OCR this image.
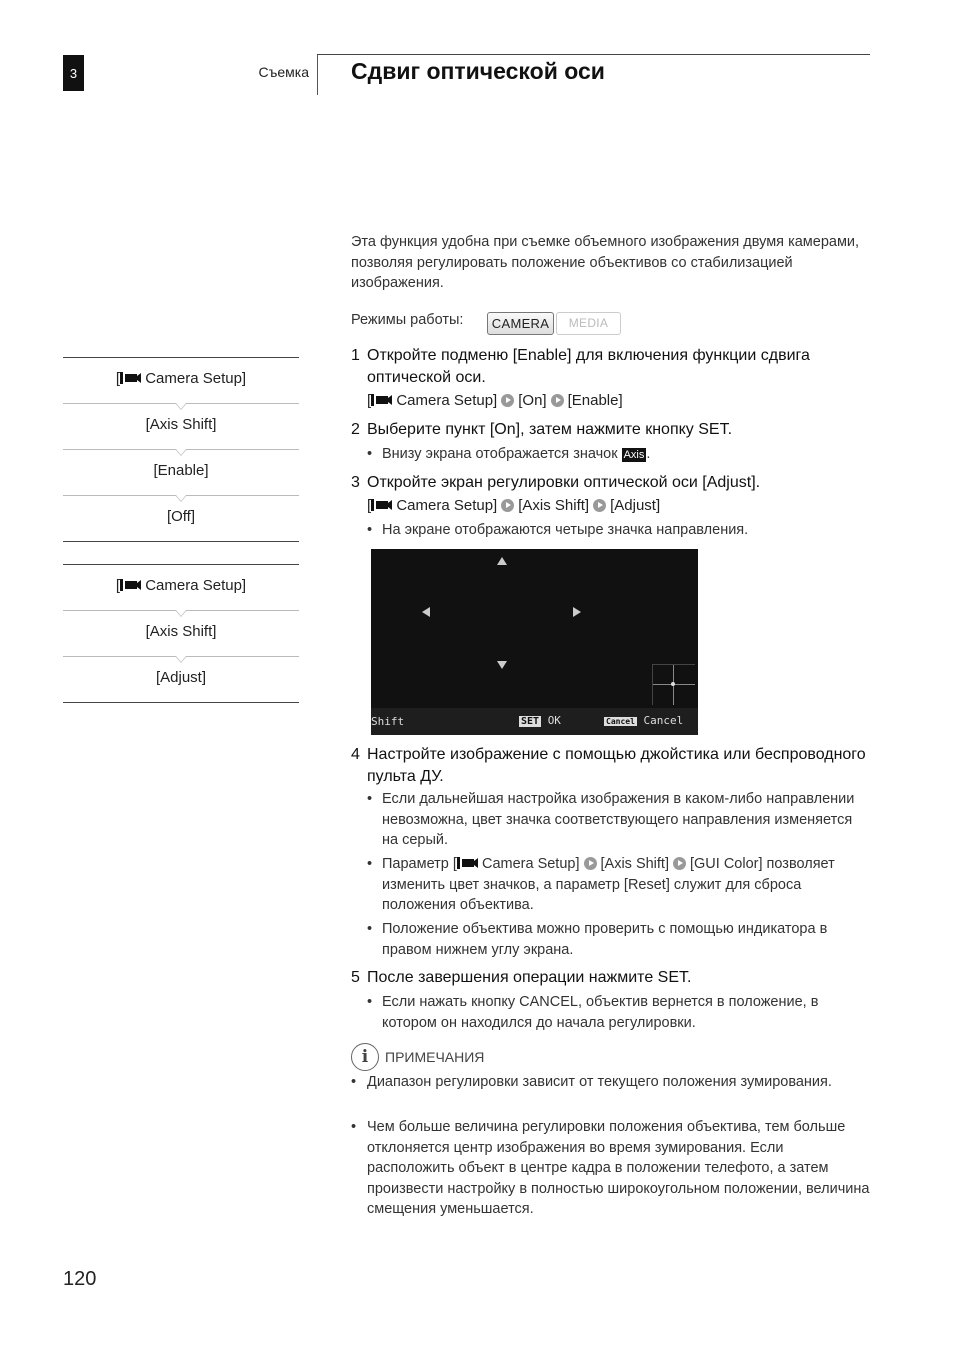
3	Съемка Сдвиг оптической оси
[ Camera Setup]
[Axis Shift]
[Enable]
[Off]
[ Camera Setup]
[Axis Shift]
[Adjust]
Эта функция удобна при съемке объемного изображения двумя камерами, позволяя регулировать положение объективов со стабилизацией изображения.
Режимы работы:	CAMERA	MEDIA
1 Откройте подменю [Enable] для включения функции сдвига оптической оси.
[ Camera Setup] [On] [Enable]
2 Выберите пункт [On], затем нажмите кнопку SET.
• Внизу экрана отображается значок Axis .
3 Откройте экран регулировки оптической оси [Adjust].
[ Camera Setup] [Axis Shift] [Adjust]
• На экране отображаются четыре значка направления.
Shift	SET OK	Cancel Cancel
4 Настройте изображение с помощью джойстика или беспроводного пульта ДУ.
• Если дальнейшая настройка изображения в каком-либо направлении невозможна, цвет значка соответствующего направления изменяется на серый.
• Параметр [ Camera Setup] [Axis Shift] [GUI Color] позволяет изменить цвет значков, а параметр [Reset] служит для сброса положения объектива.
• Положение объектива можно проверить с помощью индикатора в правом нижнем углу экрана.
5 После завершения операции нажмите SET.
• Если нажать кнопку CANCEL, объектив вернется в положение, в котором он находился до начала регулировки.
i	ПРИМЕЧАНИЯ
• Диапазон регулировки зависит от текущего положения зумирования.
• Чем больше величина регулировки положения объектива, тем больше отклоняется центр изображения во время зумирования. Если расположить объект в центре кадра в положении телефото, а затем произвести настройку в полностью широкоугольном положении, величина смещения уменьшается.
120
